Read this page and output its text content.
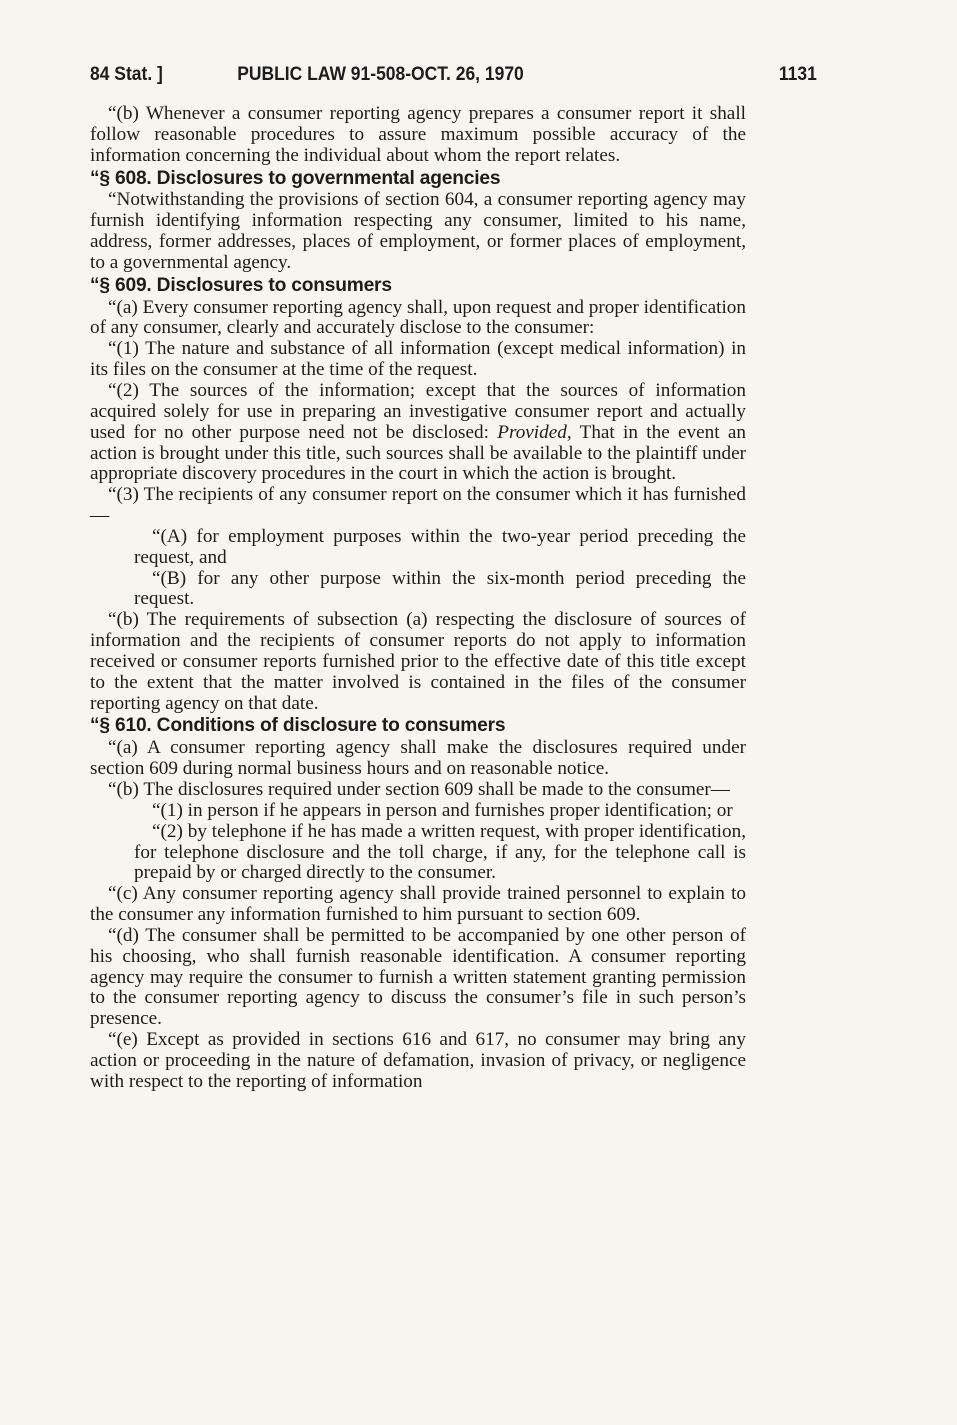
84 Stat. ]	PUBLIC LAW 91-508-OCT. 26, 1970	1131

“(b) Whenever a consumer reporting agency prepares a consumer report it shall follow reasonable procedures to assure maximum possible accuracy of the information concerning the individual about whom the report relates.

“§ 608. Disclosures to governmental agencies

“Notwithstanding the provisions of section 604, a consumer reporting agency may furnish identifying information respecting any consumer, limited to his name, address, former addresses, places of employment, or former places of employment, to a governmental agency.

“§ 609. Disclosures to consumers

“(a) Every consumer reporting agency shall, upon request and proper identification of any consumer, clearly and accurately disclose to the consumer:

“(1) The nature and substance of all information (except medical information) in its files on the consumer at the time of the request.

“(2) The sources of the information; except that the sources of information acquired solely for use in preparing an investigative consumer report and actually used for no other purpose need not be disclosed: Provided, That in the event an action is brought under this title, such sources shall be available to the plaintiff under appropriate discovery procedures in the court in which the action is brought.

“(3) The recipients of any consumer report on the consumer which it has furnished—

“(A) for employment purposes within the two-year period preceding the request, and

“(B) for any other purpose within the six-month period preceding the request.

“(b) The requirements of subsection (a) respecting the disclosure of sources of information and the recipients of consumer reports do not apply to information received or consumer reports furnished prior to the effective date of this title except to the extent that the matter involved is contained in the files of the consumer reporting agency on that date.

“§ 610. Conditions of disclosure to consumers

“(a) A consumer reporting agency shall make the disclosures required under section 609 during normal business hours and on reasonable notice.

“(b) The disclosures required under section 609 shall be made to the consumer—

“(1) in person if he appears in person and furnishes proper identification; or

“(2) by telephone if he has made a written request, with proper identification, for telephone disclosure and the toll charge, if any, for the telephone call is prepaid by or charged directly to the consumer.

“(c) Any consumer reporting agency shall provide trained personnel to explain to the consumer any information furnished to him pursuant to section 609.

“(d) The consumer shall be permitted to be accompanied by one other person of his choosing, who shall furnish reasonable identification. A consumer reporting agency may require the consumer to furnish a written statement granting permission to the consumer reporting agency to discuss the consumer’s file in such person’s presence.

“(e) Except as provided in sections 616 and 617, no consumer may bring any action or proceeding in the nature of defamation, invasion of privacy, or negligence with respect to the reporting of information
